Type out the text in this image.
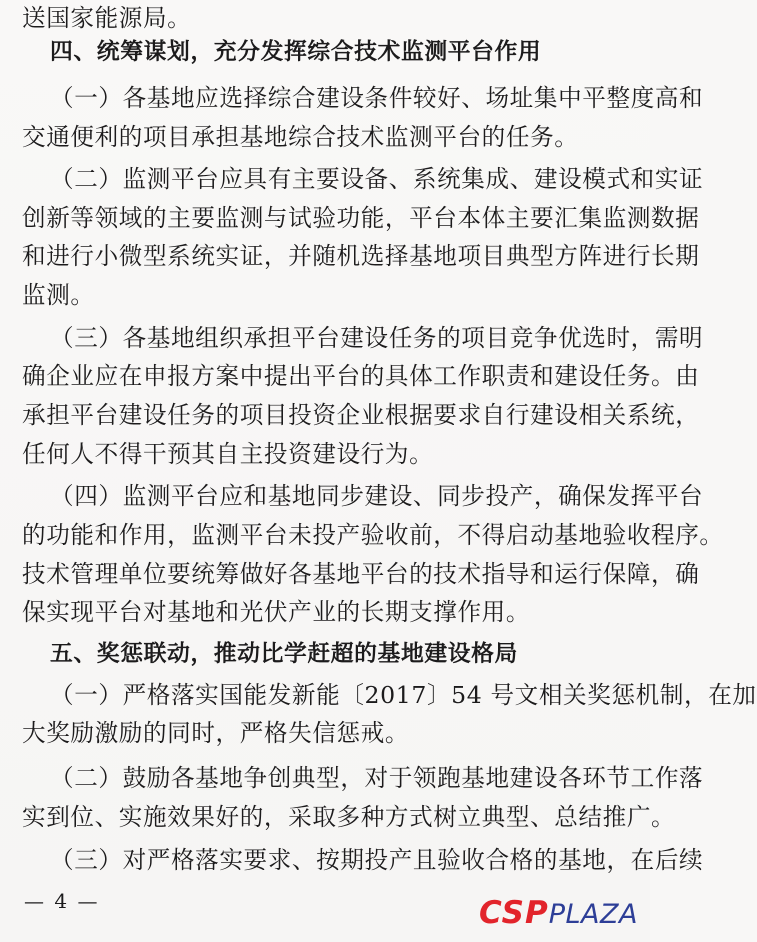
送国家能源局。
四、统筹谋划，充分发挥综合技术监测平台作用
（一）各基地应选择综合建设条件较好、场址集中平整度高和
交通便利的项目承担基地综合技术监测平台的任务。
（二）监测平台应具有主要设备、系统集成、建设模式和实证
创新等领域的主要监测与试验功能，平台本体主要汇集监测数据
和进行小微型系统实证，并随机选择基地项目典型方阵进行长期
监测。
（三）各基地组织承担平台建设任务的项目竞争优选时，需明
确企业应在申报方案中提出平台的具体工作职责和建设任务。由
承担平台建设任务的项目投资企业根据要求自行建设相关系统，
任何人不得干预其自主投资建设行为。
（四）监测平台应和基地同步建设、同步投产，确保发挥平台
的功能和作用，监测平台未投产验收前，不得启动基地验收程序。
技术管理单位要统筹做好各基地平台的技术指导和运行保障，确
保实现平台对基地和光伏产业的长期支撑作用。
五、奖惩联动，推动比学赶超的基地建设格局
（一）严格落实国能发新能〔2017〕54 号文相关奖惩机制，在加
大奖励激励的同时，严格失信惩戒。
（二）鼓励各基地争创典型，对于领跑基地建设各环节工作落
实到位、实施效果好的，采取多种方式树立典型、总结推广。
（三）对严格落实要求、按期投产且验收合格的基地，在后续
— 4 —	CSP PLAZA
